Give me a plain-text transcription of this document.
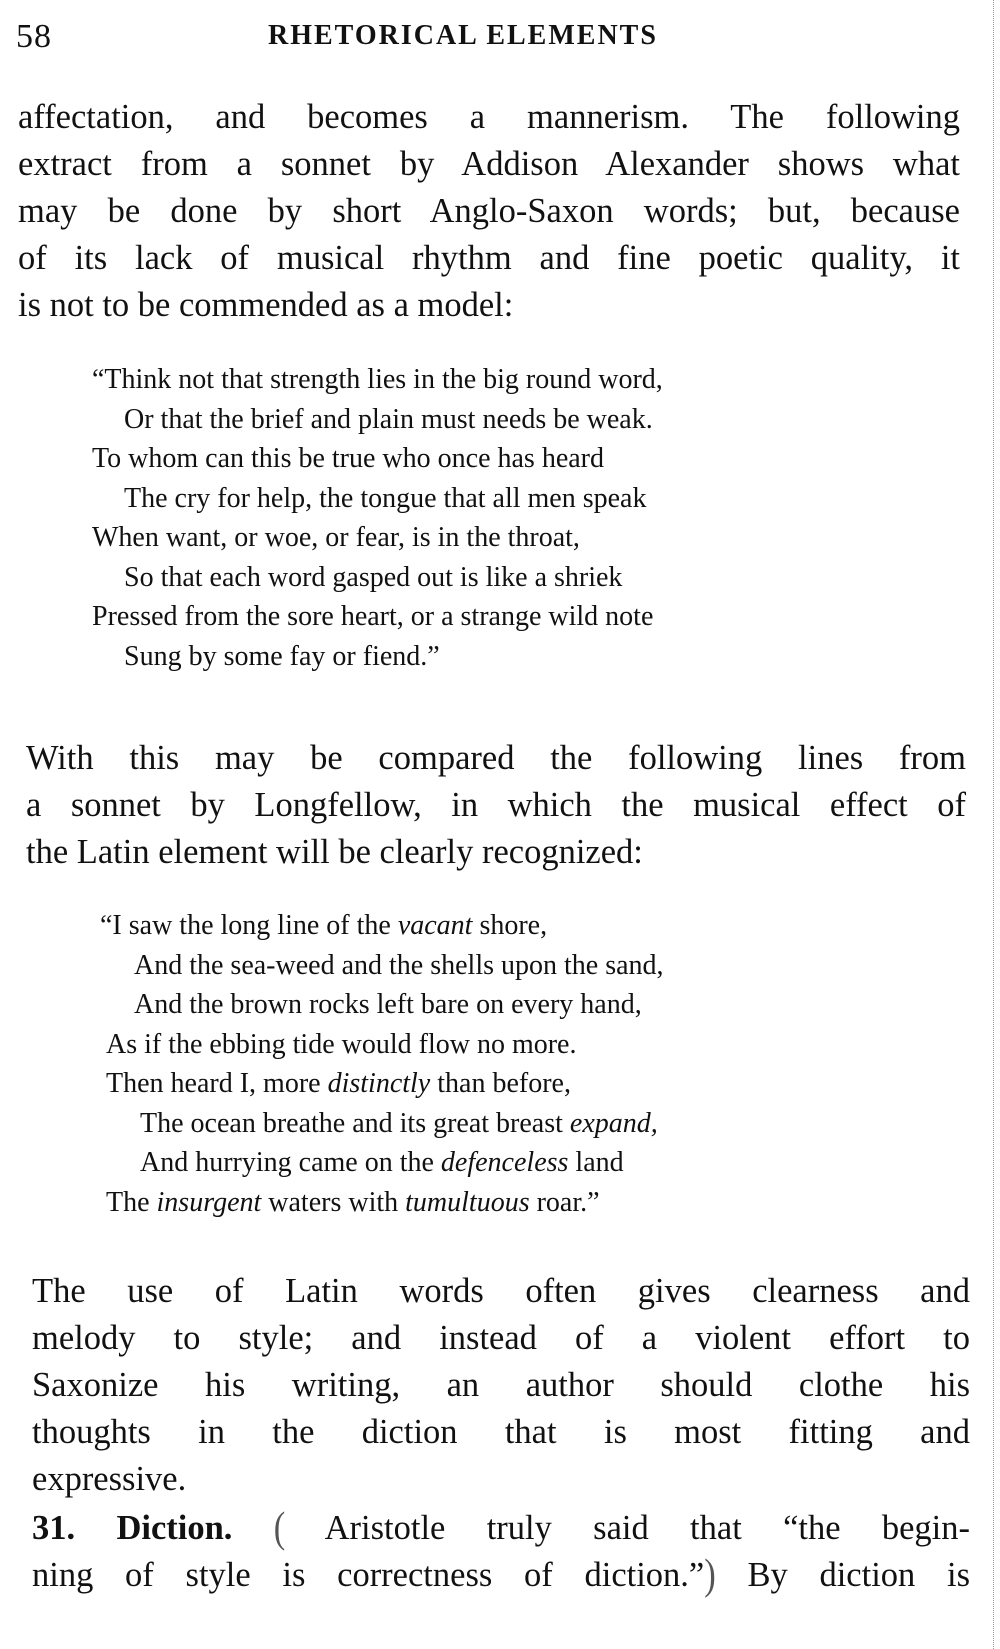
58	RHETORICAL ELEMENTS
affectation, and becomes a mannerism. The following
extract from a sonnet by Addison Alexander shows what
may be done by short Anglo-Saxon words; but, because
of its lack of musical rhythm and fine poetic quality, it
is not to be commended as a model:
“Think not that strength lies in the big round word,
Or that the brief and plain must needs be weak.
To whom can this be true who once has heard
The cry for help, the tongue that all men speak
When want, or woe, or fear, is in the throat,
So that each word gasped out is like a shriek
Pressed from the sore heart, or a strange wild note
Sung by some fay or fiend.”
With this may be compared the following lines from
a sonnet by Longfellow, in which the musical effect of
the Latin element will be clearly recognized:
“I saw the long line of the vacant shore,
And the sea-weed and the shells upon the sand,
And the brown rocks left bare on every hand,
As if the ebbing tide would flow no more.
Then heard I, more distinctly than before,
The ocean breathe and its great breast expand,
And hurrying came on the defenceless land
The insurgent waters with tumultuous roar.”
The use of Latin words often gives clearness and
melody to style; and instead of a violent effort to
Saxonize his writing, an author should clothe his
thoughts in the diction that is most fitting and
expressive.
31. Diction. ( Aristotle truly said that “the begin-
ning of style is correctness of diction.”) By diction is
